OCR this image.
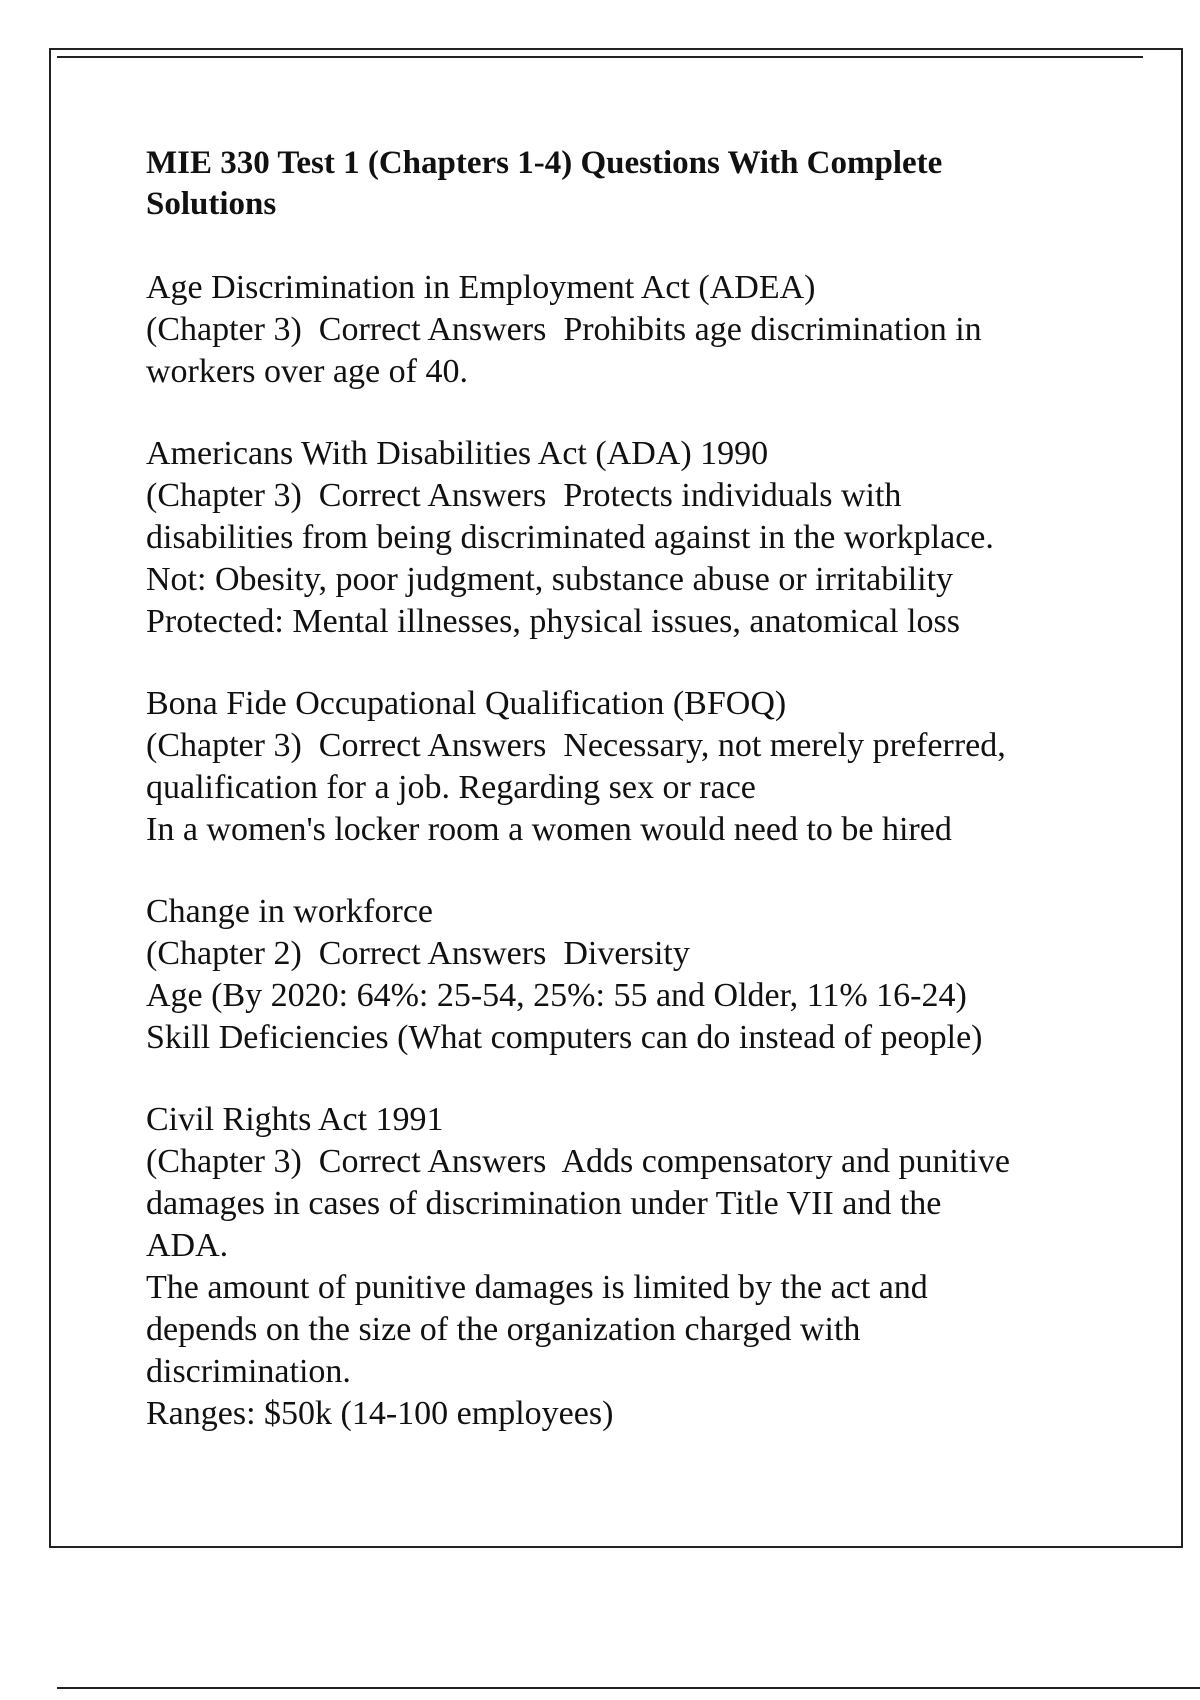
MIE 330 Test 1 (Chapters 1-4) Questions With Complete
Solutions
Age Discrimination in Employment Act (ADEA)
(Chapter 3)  Correct Answers  Prohibits age discrimination in
workers over age of 40.
Americans With Disabilities Act (ADA) 1990
(Chapter 3)  Correct Answers  Protects individuals with
disabilities from being discriminated against in the workplace.
Not: Obesity, poor judgment, substance abuse or irritability
Protected: Mental illnesses, physical issues, anatomical loss
Bona Fide Occupational Qualification (BFOQ)
(Chapter 3)  Correct Answers  Necessary, not merely preferred,
qualification for a job. Regarding sex or race
In a women's locker room a women would need to be hired
Change in workforce
(Chapter 2)  Correct Answers  Diversity
Age (By 2020: 64%: 25-54, 25%: 55 and Older, 11% 16-24)
Skill Deficiencies (What computers can do instead of people)
Civil Rights Act 1991
(Chapter 3)  Correct Answers  Adds compensatory and punitive
damages in cases of discrimination under Title VII and the
ADA.
The amount of punitive damages is limited by the act and
depends on the size of the organization charged with
discrimination.
Ranges: $50k (14-100 employees)
